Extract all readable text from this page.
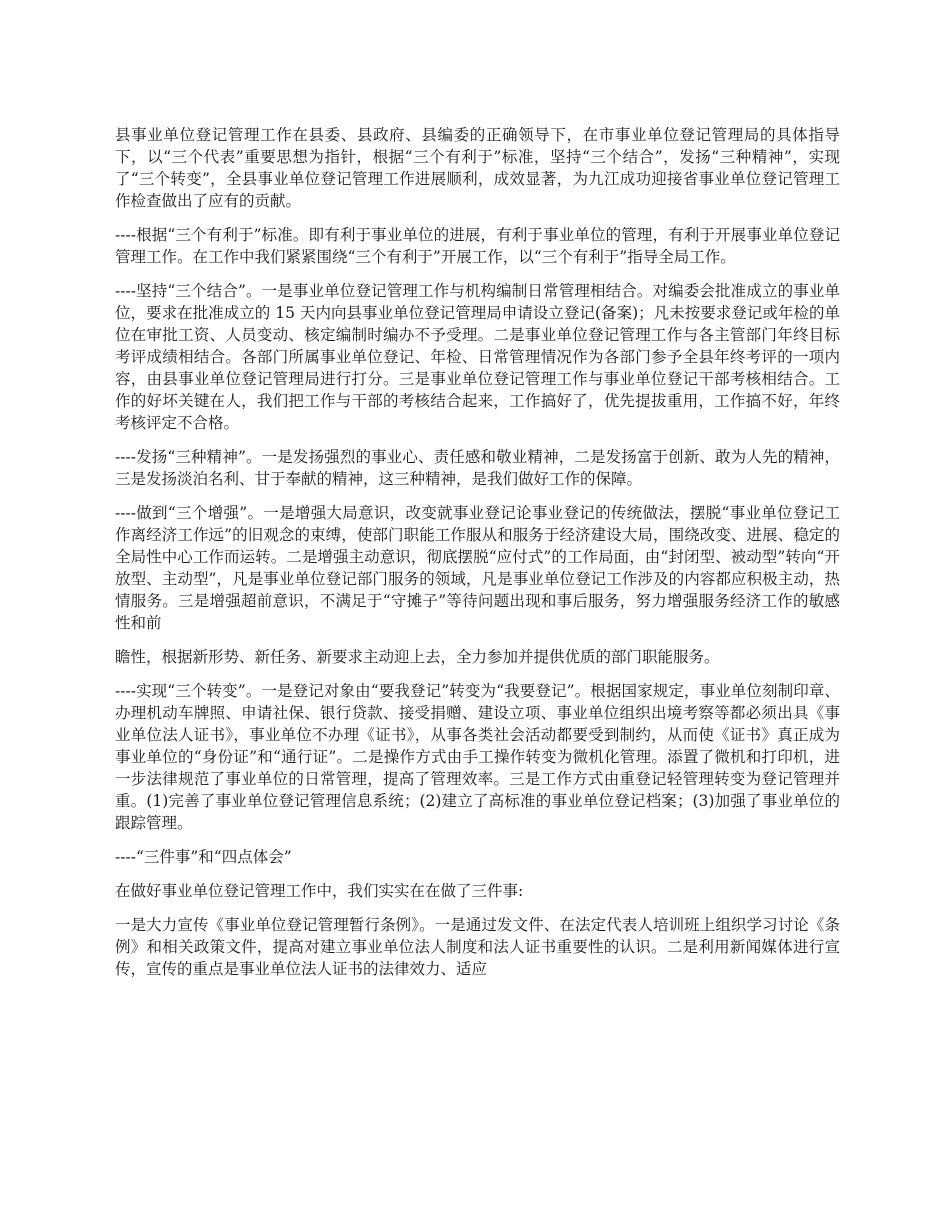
县事业单位登记管理工作在县委、县政府、县编委的正确领导下，在市事业单位登记管理局的具体指导下，以“三个代表”重要思想为指针，根据“三个有利于”标准，坚持“三个结合”，发扬“三种精神”，实现了“三个转变”，全县事业单位登记管理工作进展顺利，成效显著，为九江成功迎接省事业单位登记管理工作检查做出了应有的贡献。

----根据“三个有利于”标准。即有利于事业单位的进展，有利于事业单位的管理，有利于开展事业单位登记管理工作。在工作中我们紧紧围绕“三个有利于”开展工作，以“三个有利于”指导全局工作。

----坚持“三个结合”。一是事业单位登记管理工作与机构编制日常管理相结合。对编委会批准成立的事业单位，要求在批准成立的 15 天内向县事业单位登记管理局申请设立登记(备案)；凡未按要求登记或年检的单位在审批工资、人员变动、核定编制时编办不予受理。二是事业单位登记管理工作与各主管部门年终目标考评成绩相结合。各部门所属事业单位登记、年检、日常管理情况作为各部门参予全县年终考评的一项内容，由县事业单位登记管理局进行打分。三是事业单位登记管理工作与事业单位登记干部考核相结合。工作的好坏关键在人，我们把工作与干部的考核结合起来，工作搞好了，优先提拔重用，工作搞不好，年终考核评定不合格。

----发扬“三种精神”。一是发扬强烈的事业心、责任感和敬业精神，二是发扬富于创新、敢为人先的精神，三是发扬淡泊名利、甘于奉献的精神，这三种精神，是我们做好工作的保障。

----做到“三个增强”。一是增强大局意识，改变就事业登记论事业登记的传统做法，摆脱“事业单位登记工作离经济工作远”的旧观念的束缚，使部门职能工作服从和服务于经济建设大局，围绕改变、进展、稳定的全局性中心工作而运转。二是增强主动意识，彻底摆脱“应付式”的工作局面，由“封闭型、被动型”转向“开放型、主动型”，凡是事业单位登记部门服务的领域，凡是事业单位登记工作涉及的内容都应积极主动，热情服务。三是增强超前意识，不满足于“守摊子”等待问题出现和事后服务，努力增强服务经济工作的敏感性和前

瞻性，根据新形势、新任务、新要求主动迎上去，全力参加并提供优质的部门职能服务。

----实现“三个转变”。一是登记对象由“要我登记”转变为“我要登记”。根据国家规定，事业单位刻制印章、办理机动车牌照、申请社保、银行贷款、接受捐赠、建设立项、事业单位组织出境考察等都必须出具《事业单位法人证书》，事业单位不办理《证书》，从事各类社会活动都要受到制约，从而使《证书》真正成为事业单位的“身份证”和“通行证”。二是操作方式由手工操作转变为微机化管理。添置了微机和打印机，进一步法律规范了事业单位的日常管理，提高了管理效率。三是工作方式由重登记轻管理转变为登记管理并重。(1)完善了事业单位登记管理信息系统；(2)建立了高标准的事业单位登记档案；(3)加强了事业单位的跟踪管理。

----“三件事”和“四点体会”

在做好事业单位登记管理工作中，我们实实在在做了三件事:

一是大力宣传《事业单位登记管理暂行条例》。一是通过发文件、在法定代表人培训班上组织学习讨论《条例》和相关政策文件，提高对建立事业单位法人制度和法人证书重要性的认识。二是利用新闻媒体进行宣传，宣传的重点是事业单位法人证书的法律效力、适应
